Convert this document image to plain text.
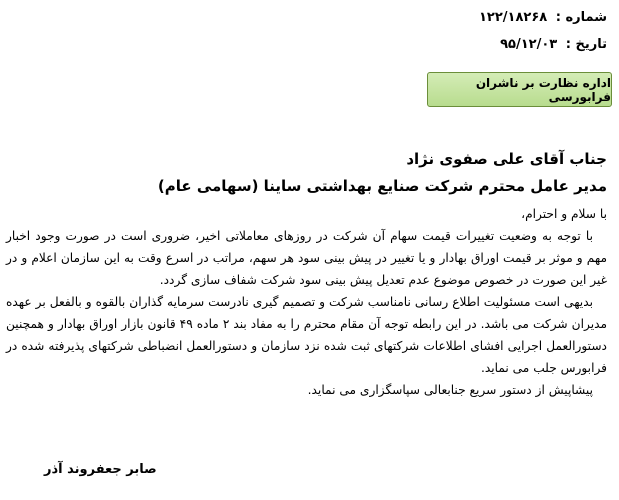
شماره : ۱۲۲/۱۸۲۶۸
تاریخ : ۹۵/۱۲/۰۳
اداره نظارت بر ناشران فرابورسی
جناب آقای علی صفوی نژاد
مدیر عامل محترم شرکت صنایع بهداشتی ساینا (سهامی عام)

با سلام و احترام،

با توجه به وضعیت تغییرات قیمت سهام آن شرکت در روزهای معاملاتی اخیر، ضروری است در صورت وجود اخبار مهم و موثر بر قیمت اوراق بهادار و یا تغییر در پیش بینی سود هر سهم، مراتب در اسرع وقت به این سازمان اعلام و در غیر این صورت در خصوص موضوع عدم تعدیل پیش بینی سود شرکت شفاف سازی گردد.

بدیهی است مسئولیت اطلاع رسانی نامناسب شرکت و تصمیم گیری نادرست سرمایه گذاران بالقوه و بالفعل بر عهده مدیران شرکت می باشد. در این رابطه توجه آن مقام محترم را به مفاد بند ۲ ماده ۴۹ قانون بازار اوراق بهادار و همچنین دستورالعمل اجرایی افشای اطلاعات شرکتهای ثبت شده نزد سازمان و دستورالعمل انضباطی شرکتهای پذیرفته شده در فرابورس جلب می نماید.

پیشاپیش از دستور سریع جنابعالی سپاسگزاری می نماید.

صابر جعفروند آذر
